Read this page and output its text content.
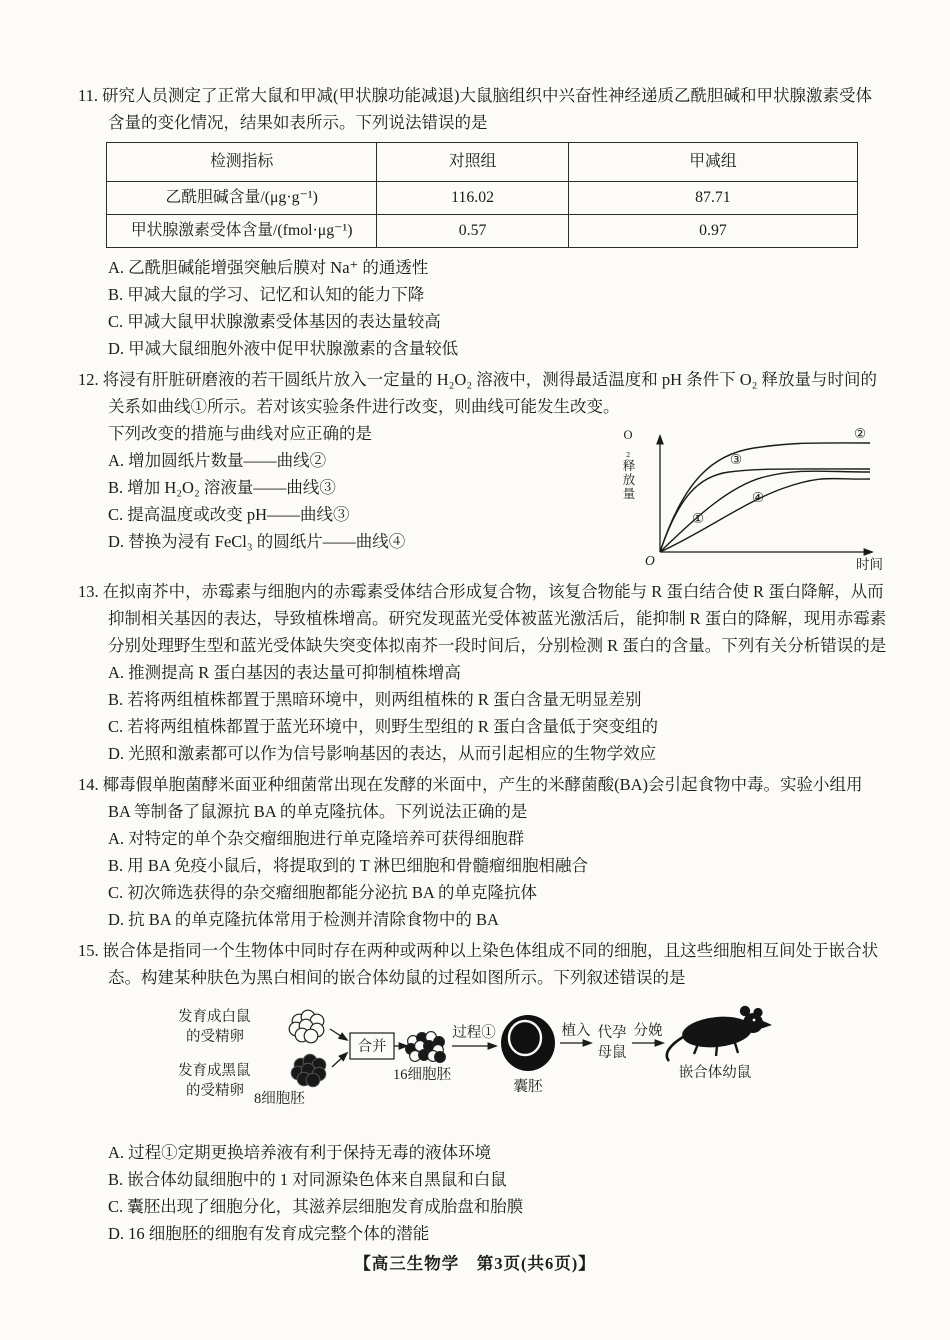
11. 研究人员测定了正常大鼠和甲减(甲状腺功能减退)大鼠脑组织中兴奋性神经递质乙酰胆碱和甲状腺激素受体含量的变化情况，结果如表所示。下列说法错误的是

检测指标	对照组	甲减组
乙酰胆碱含量/(μg·g⁻¹)	116.02	87.71
甲状腺激素受体含量/(fmol·μg⁻¹)	0.57	0.97

A. 乙酰胆碱能增强突触后膜对 Na⁺ 的通透性

B. 甲减大鼠的学习、记忆和认知的能力下降

C. 甲减大鼠甲状腺激素受体基因的表达量较高

D. 甲减大鼠细胞外液中促甲状腺激素的含量较低

12. 将浸有肝脏研磨液的若干圆纸片放入一定量的 H₂O₂ 溶液中，测得最适温度和 pH 条件下 O₂ 释放量与时间的关系如曲线①所示。若对该实验条件进行改变，则曲线可能发生改变。

下列改变的措施与曲线对应正确的是

A. 增加圆纸片数量——曲线②

B. 增加 H₂O₂ 溶液量——曲线③

C. 提高温度或改变 pH——曲线③

D. 替换为浸有 FeCl₃ 的圆纸片——曲线④

O₂释放量	②
③
④
①
O	时间

13. 在拟南芥中，赤霉素与细胞内的赤霉素受体结合形成复合物，该复合物能与 R 蛋白结合使 R 蛋白降解，从而抑制相关基因的表达，导致植株增高。研究发现蓝光受体被蓝光激活后，能抑制 R 蛋白的降解，现用赤霉素分别处理野生型和蓝光受体缺失突变体拟南芥一段时间后，分别检测 R 蛋白的含量。下列有关分析错误的是

A. 推测提高 R 蛋白基因的表达量可抑制植株增高

B. 若将两组植株都置于黑暗环境中，则两组植株的 R 蛋白含量无明显差别

C. 若将两组植株都置于蓝光环境中，则野生型组的 R 蛋白含量低于突变组的

D. 光照和激素都可以作为信号影响基因的表达，从而引起相应的生物学效应

14. 椰毒假单胞菌酵米面亚种细菌常出现在发酵的米面中，产生的米酵菌酸(BA)会引起食物中毒。实验小组用 BA 等制备了鼠源抗 BA 的单克隆抗体。下列说法正确的是

A. 对特定的单个杂交瘤细胞进行单克隆培养可获得细胞群

B. 用 BA 免疫小鼠后，将提取到的 T 淋巴细胞和骨髓瘤细胞相融合

C. 初次筛选获得的杂交瘤细胞都能分泌抗 BA 的单克隆抗体

D. 抗 BA 的单克隆抗体常用于检测并清除食物中的 BA

15. 嵌合体是指同一个生物体中同时存在两种或两种以上染色体组成不同的细胞，且这些细胞相互间处于嵌合状态。构建某种肤色为黑白相间的嵌合体幼鼠的过程如图所示。下列叙述错误的是

发育成白鼠
的受精卵
发育成黑鼠
的受精卵 8细胞胚
合并
16细胞胚
过程①
囊胚
植入 代孕
母鼠
分娩
嵌合体幼鼠

A. 过程①定期更换培养液有利于保持无毒的液体环境

B. 嵌合体幼鼠细胞中的 1 对同源染色体来自黑鼠和白鼠

C. 囊胚出现了细胞分化，其滋养层细胞发育成胎盘和胎膜

D. 16 细胞胚的细胞有发育成完整个体的潜能

【高三生物学　第3页(共6页)】
